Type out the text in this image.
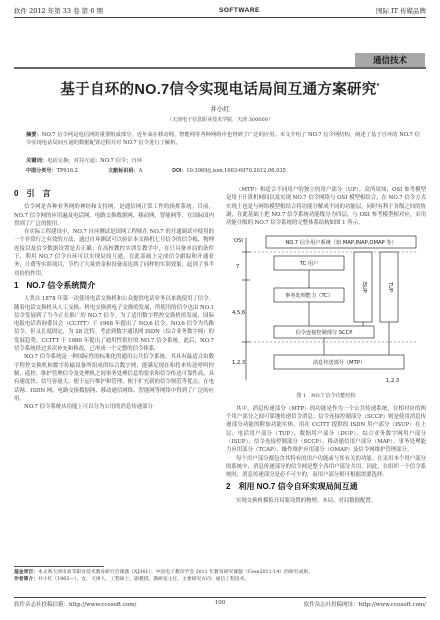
软件 2012 年第 33 卷 第 6 期	SOFTWARE	国际 IT 传媒品牌
通信技术
基于自环的NO.7信令实现电话局间互通方案研究*
井小红
（天津电子信息职业技术学院，天津 300000）
摘要：NO.7 信令网是电信网的重要组成部分，近年来在移动网、智能网等各种网络中也得到了广泛的应用。本文介绍了 NO.7 信令网结构，阐述了基于自环的 NO.7 信令实现电话局间互通的数据配置过程并对 NO.7 信令进行了解析。
关键词：电话交换；对局互通；NO.7 信令；自环
中图分类号：TP916.2	文献标识码：A	DOI：10.3969/j.issn.1003-6970.2012.06.035
0　引　言

信令网是各种业务网的神经和支持网，是通信网正常工作的指挥系统。目前，NO.7 信令网的应用遍及电话网、电路交换数据网、移动网、智能网等，在国际国内得到了广泛的使用。

在实际工程建设中，NO.7 自环测试是国网工程师在 NO.7 的开通调试中使用的一个非常行之有效的方法，通过自环测试可以验证本交换机七号信令的信令板、物理连接以及信令数据设置是否正确；在高校教控实训室教学中，在只具备单局的条件下，利用 NO.7 信令自环可以实现局间互通，在此基础上完成信令跟踪和开通业务，计费等实训项目，节约了大量资金和设备而达到了同样的实训效果，起到了事半功倍的作用。

1　NO.7 信令系统简介

人类自 1878 年第一次使用电话交换机和公众提供电话业务以来就使用了信令。随着电话交换机从人工交换、机电交换到电子交换的发展，所使用的信令也由 NO.1 信令发展到了当今正在推广的 NO.7 信令。为了适用数字程控交换机的发展，国际电报电话咨询委员会（CCITT）于 1968 年提出了 NO.6 信令，NO.6 信令为共路信令，但又长度固定，为 28 比特。考虑到数字通讯网 ISDN（综合业务数字网）的发展趋势，CCITT 于 1980 年提出了通用性很好的 NO.7 信令系统，此后，NO.7 信令系统经过多次补充和修改，已形成一个完整的信令体系。

NO.7 信令系统是一种国际性的标准化的通用公共信令系统，其具有最适合由数字程控交换机和数字传输设备所组成的综合数字网，能满足现在和将来传送呼叫控制、遥控、维护管理信令及处理机之间事务处理信息的要求和信令传送可靠性高，具有速度快、信号容量大、便于运行维护和管理、便于扩充新的信令规范等优点；在电话网、ISDN 网、电路交换数据网、移动通信网络、智能网等网络中得到了广泛的应用。

NO.7 信令系统从功能上可以分为公用的消息传递部分

（MTP）和适合不同用户的独立的用户部分（UP）。众所周知，OSI 参考模型是用于计算机网间以及实现 NO.7 信令网络与 OSI 模型相结合，在 NO.7 信令方式实现上也是与网络模型相结合将功能分解成不同的功能层，同时有利于各级之间的协调，在此基础上把 NO.7 信令系统功能级分为四层，与 OSI 参考模型相对应，采用功能分级的 NO.7 信令系统的完整体系结构如图 1 所示。

OSI	NO.7 信令用户系统（如 MAP,INAP,OMAP 等）
7	TC 用户
4,5,6
事务处理能力（TC）
信令连接控制部分 SCCP
消息传送部分（MTP）
1,2,3
1,2,3
ISUP	TUP
图 1　NO.7 信令功能结构

其中，消息传递部分（MTP）的功能是作为一个公共传递系统，在相对应的两个用户部分之间可靠地传递信令消息；信令连接控制部分（SCCP）则是使用消息传递部分功能的附加功能实体，用在 CCITT 提供的 ISDN 用户部分（ISUP）在上层，电话用户部分（TUP）、数据用户部分（DUP）、综合业务数字网用户部分（ISUP）、信令连接控制部分（SCCP）、移动通信用户部分（MAP）、事务处理能力应用部分（TCAP）、操作维护应用部分（OMAP）及信令网维护管理部分。

每个用户部分都包含其特有的用户功能或与其有关的功能。在采用本个用户部分的系统中，消息传递部分的信令网是整个各用户部分共用。因此，在组织一个信令系统时，消息传递部分是必不可少的，而用户部分则可根据需要选择。

2　利用 NO.7 信令自环实现局间互通

实现交换机模拟开局要设置的物理、本局、对局数据配置。

基金项目：本文系天津市高等职业技术教育研究会课题（XJ361）；中国电子教育学会 2011 年教育研究课题（Cese2011-14）的研究成果。
作者简介：井小红（1965—），女，天津人，工程硕士，副教授，教研室主任，主要研究方向：通信工程技术。
软件杂志社投稿信箱：http://www.ccosoft.com/	100	软件杂志社投稿网址：http://www.ccosoft.com/
